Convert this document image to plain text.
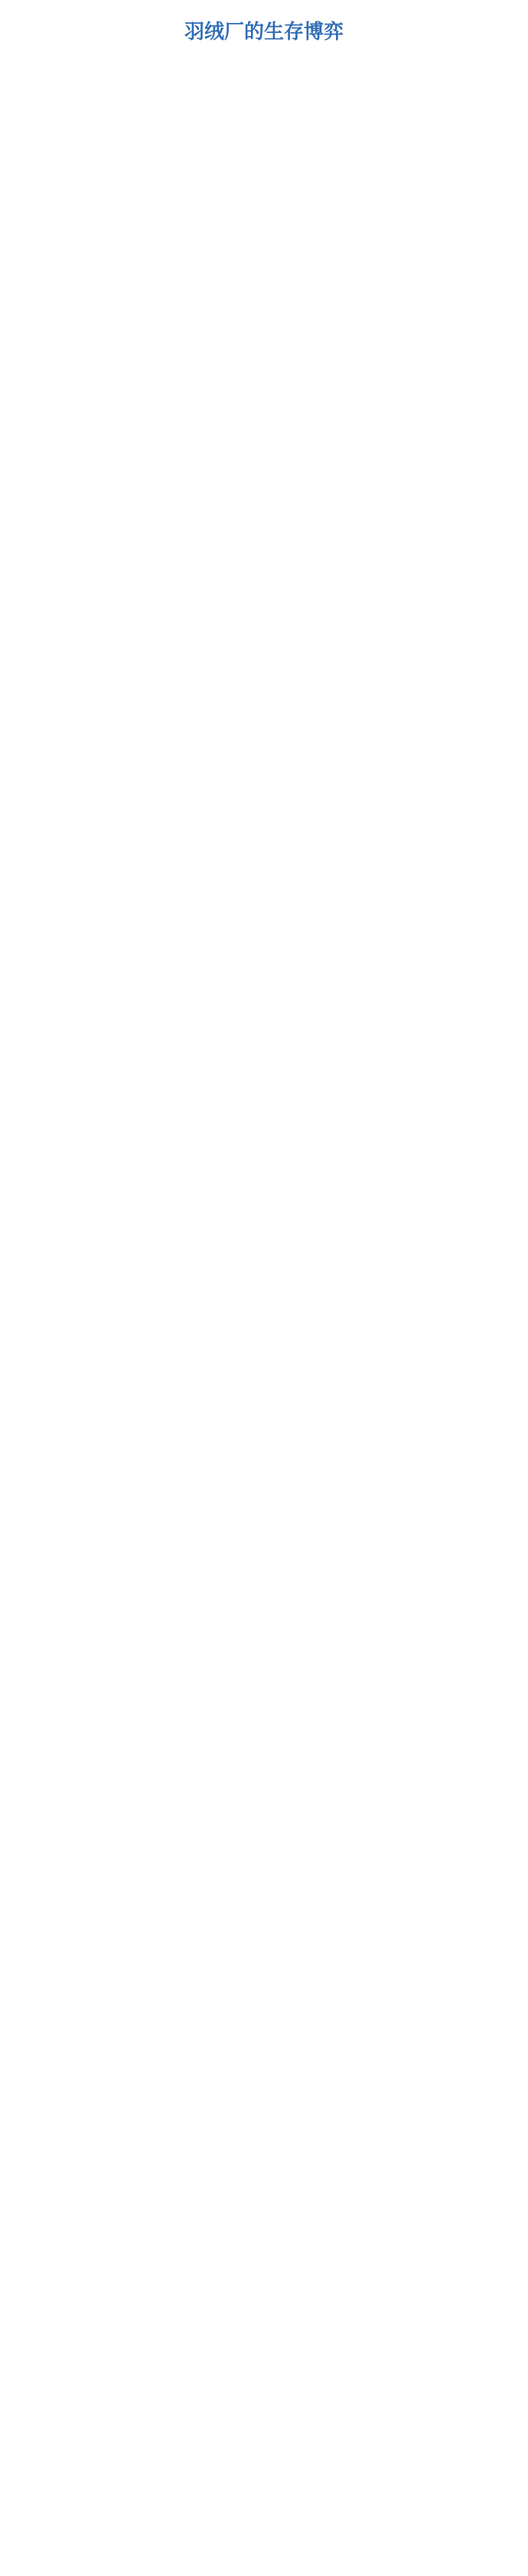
羽绒厂的生存博弈
